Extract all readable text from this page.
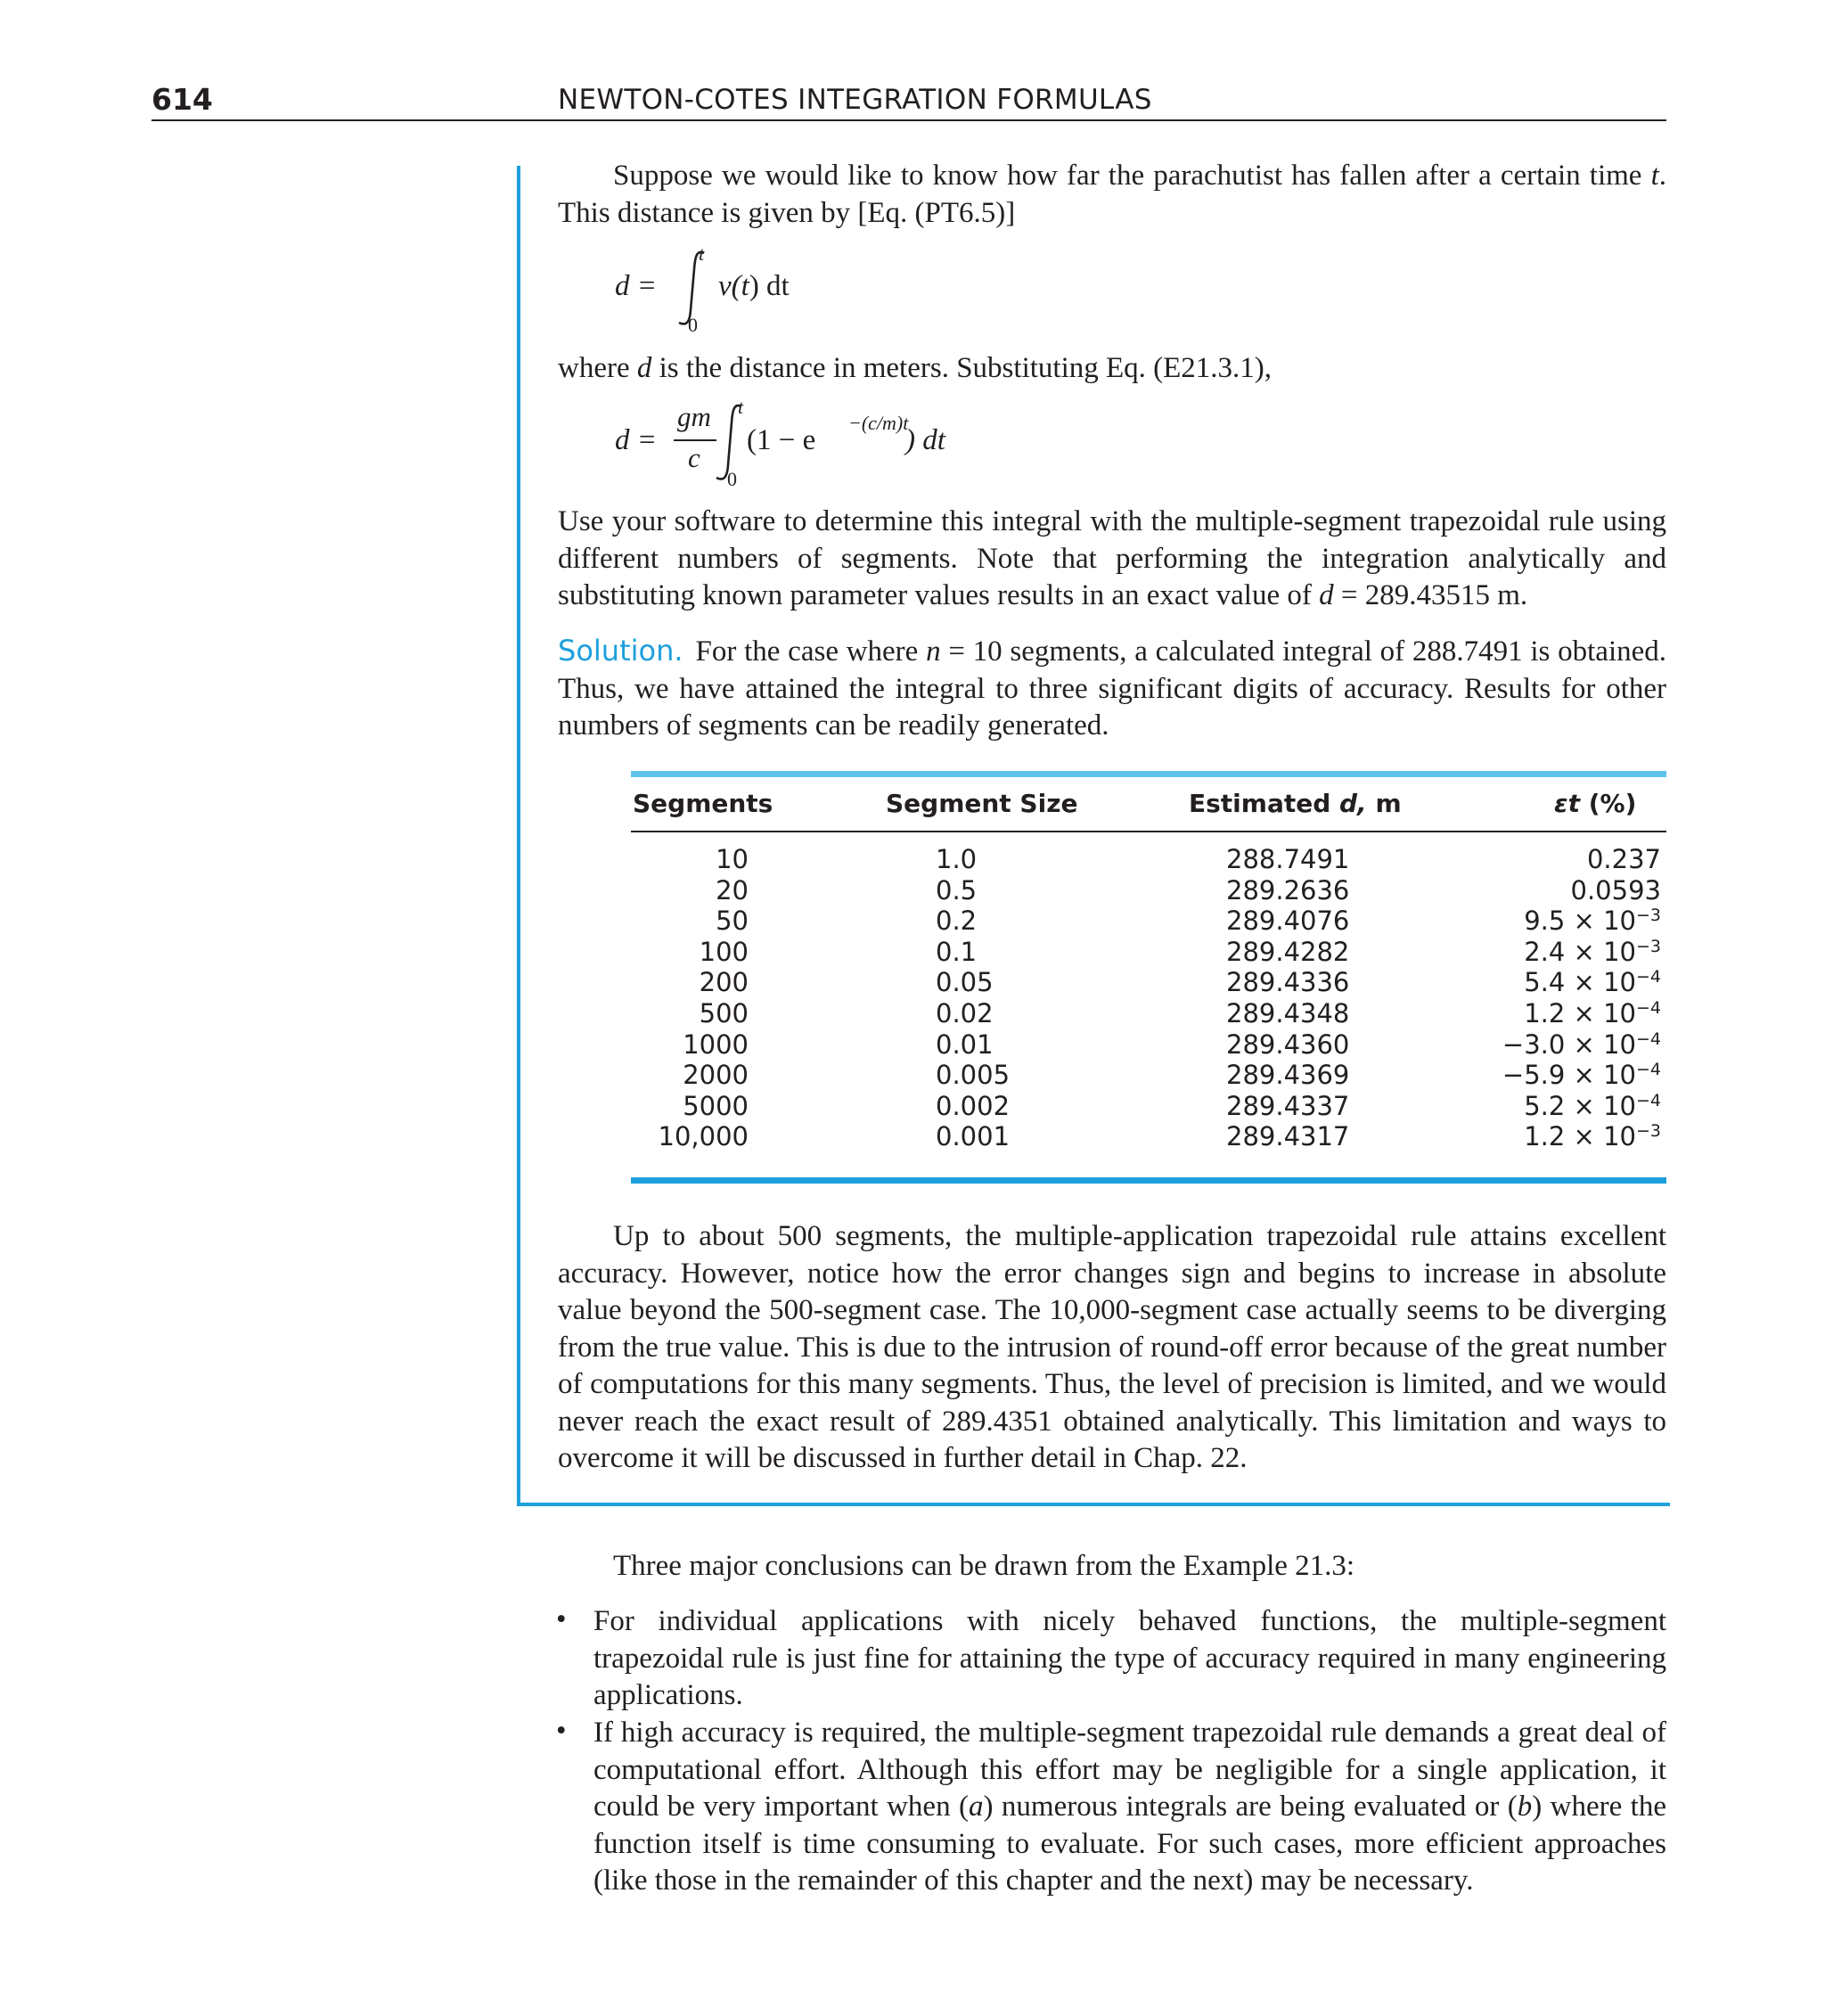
614	NEWTON-COTES INTEGRATION FORMULAS

Suppose we would like to know how far the parachutist has fallen after a certain time t. This distance is given by [Eq. (PT6.5)]

d =
t
0
v(t) dt

where d is the distance in meters. Substituting Eq. (E21.3.1),

d =
gm
c
t
0
(1 − e
−(c/m)t
) dt

Use your software to determine this integral with the multiple-segment trapezoidal rule using different numbers of segments. Note that performing the integration analytically and substituting known parameter values results in an exact value of d = 289.43515 m.

Solution. For the case where n = 10 segments, a calculated integral of 288.7491 is obtained. Thus, we have attained the integral to three significant digits of accuracy. Results for other numbers of segments can be readily generated.

Segments	Segment Size	Estimated d, m	εt (%)
10	1.0	288.7491	0.237
20	0.5	289.2636	0.0593
50	0.2	289.4076	$9.5 \times 10^{-3}$
100	0.1	289.4282	$2.4 \times 10^{-3}$
200	0.05	289.4336	$5.4 \times 10^{-4}$
500	0.02	289.4348	$1.2 \times 10^{-4}$
1000	0.01	289.4360	$-3.0 \times 10^{-4}$
2000	0.005	289.4369	$-5.9 \times 10^{-4}$
5000	0.002	289.4337	$5.2 \times 10^{-4}$
10,000	0.001	289.4317	$1.2 \times 10^{-3}$

Up to about 500 segments, the multiple-application trapezoidal rule attains excellent accuracy. However, notice how the error changes sign and begins to increase in absolute value beyond the 500-segment case. The 10,000-segment case actually seems to be diverging from the true value. This is due to the intrusion of round-off error because of the great number of computations for this many segments. Thus, the level of precision is limited, and we would never reach the exact result of 289.4351 obtained analytically. This limitation and ways to overcome it will be discussed in further detail in Chap. 22.

Three major conclusions can be drawn from the Example 21.3:

• For individual applications with nicely behaved functions, the multiple-segment trapezoidal rule is just fine for attaining the type of accuracy required in many engineering applications.

• If high accuracy is required, the multiple-segment trapezoidal rule demands a great deal of computational effort. Although this effort may be negligible for a single application, it could be very important when (a) numerous integrals are being evaluated or (b) where the function itself is time consuming to evaluate. For such cases, more efficient approaches (like those in the remainder of this chapter and the next) may be necessary.
